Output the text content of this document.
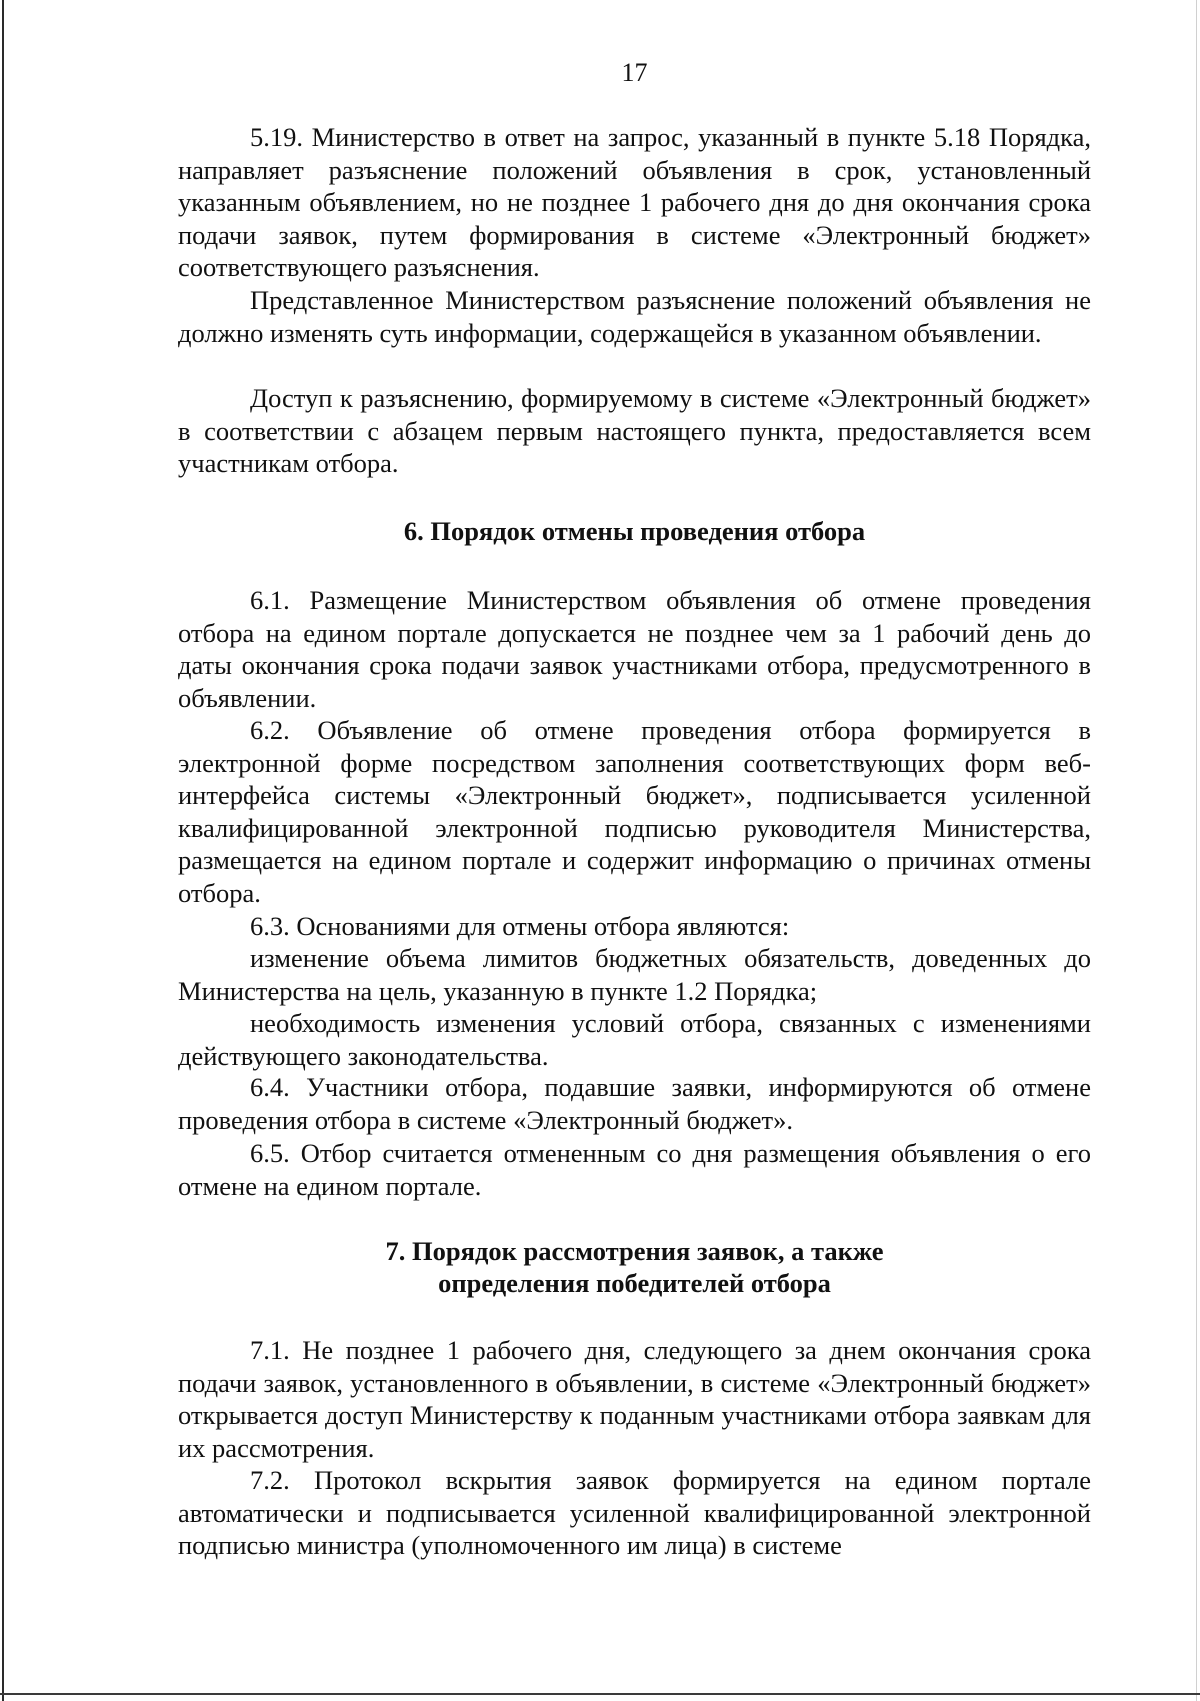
17

5.19. Министерство в ответ на запрос, указанный в пункте 5.18 Порядка, направляет разъяснение положений объявления в срок, установленный указанным объявлением, но не позднее 1 рабочего дня до дня окончания срока подачи заявок, путем формирования в системе «Электронный бюджет» соответствующего разъяснения.

Представленное Министерством разъяснение положений объявления не должно изменять суть информации, содержащейся в указанном объявлении.

Доступ к разъяснению, формируемому в системе «Электронный бюджет» в соответствии с абзацем первым настоящего пункта, предоставляется всем участникам отбора.

6. Порядок отмены проведения отбора

6.1. Размещение Министерством объявления об отмене проведения отбора на едином портале допускается не позднее чем за 1 рабочий день до даты окончания срока подачи заявок участниками отбора, предусмотренного в объявлении.

6.2. Объявление об отмене проведения отбора формируется в электронной форме посредством заполнения соответствующих форм веб-интерфейса системы «Электронный бюджет», подписывается усиленной квалифицированной электронной подписью руководителя Министерства, размещается на едином портале и содержит информацию о причинах отмены отбора.

6.3. Основаниями для отмены отбора являются:

изменение объема лимитов бюджетных обязательств, доведенных до Министерства на цель, указанную в пункте 1.2 Порядка;

необходимость изменения условий отбора, связанных с изменениями действующего законодательства.

6.4. Участники отбора, подавшие заявки, информируются об отмене проведения отбора в системе «Электронный бюджет».

6.5. Отбор считается отмененным со дня размещения объявления о его отмене на едином портале.

7. Порядок рассмотрения заявок, а также
определения победителей отбора

7.1. Не позднее 1 рабочего дня, следующего за днем окончания срока подачи заявок, установленного в объявлении, в системе «Электронный бюджет» открывается доступ Министерству к поданным участниками отбора заявкам для их рассмотрения.

7.2. Протокол вскрытия заявок формируется на едином портале автоматически и подписывается усиленной квалифицированной электронной подписью министра (уполномоченного им лица) в системе
